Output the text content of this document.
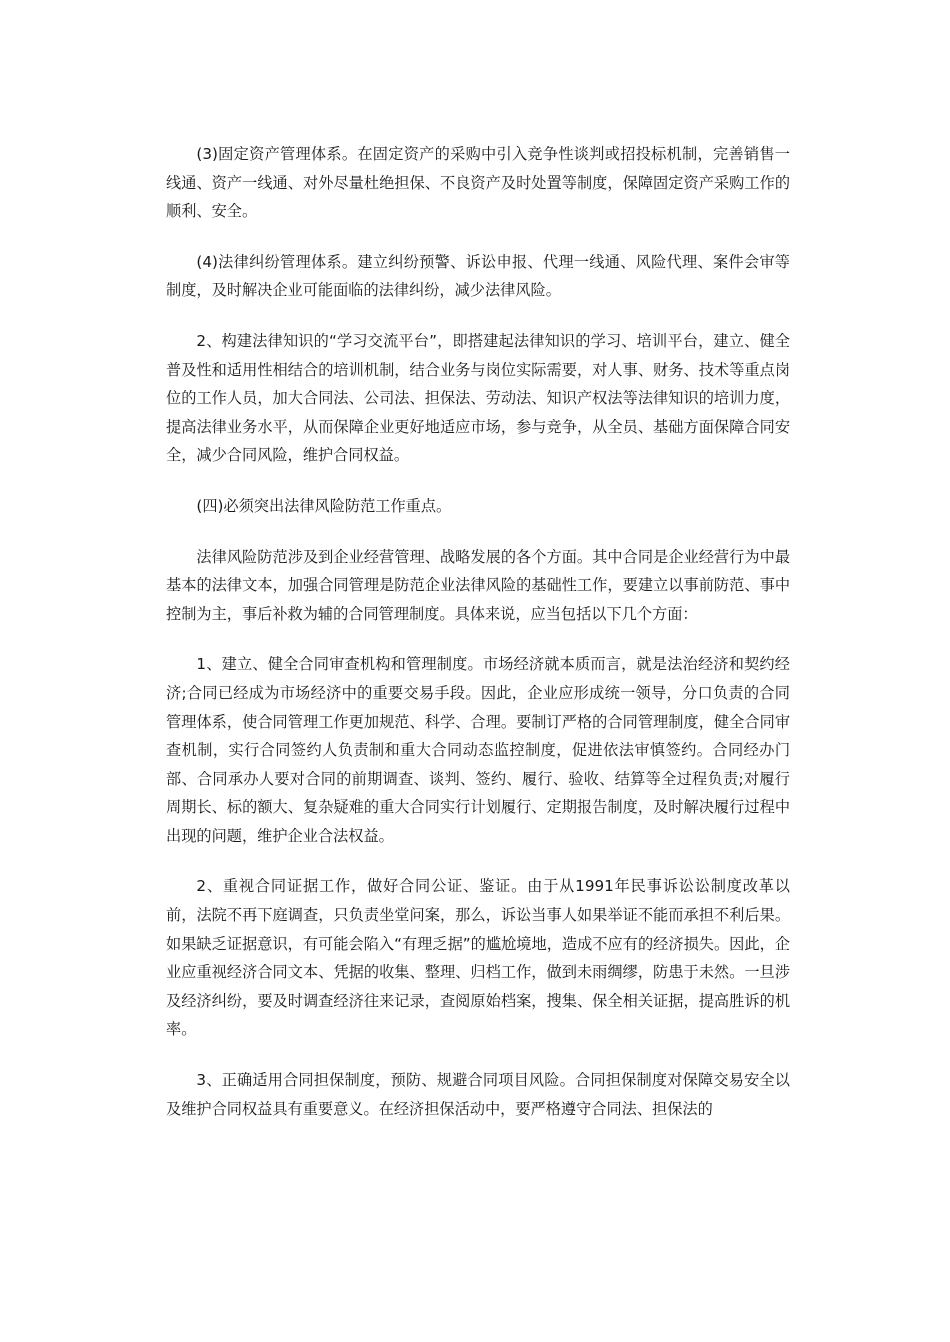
(3)固定资产管理体系。在固定资产的采购中引入竞争性谈判或招投标机制，完善销售一线通、资产一线通、对外尽量杜绝担保、不良资产及时处置等制度，保障固定资产采购工作的顺利、安全。

(4)法律纠纷管理体系。建立纠纷预警、诉讼申报、代理一线通、风险代理、案件会审等制度，及时解决企业可能面临的法律纠纷，减少法律风险。

2、构建法律知识的“学习交流平台”，即搭建起法律知识的学习、培训平台，建立、健全普及性和适用性相结合的培训机制，结合业务与岗位实际需要，对人事、财务、技术等重点岗位的工作人员，加大合同法、公司法、担保法、劳动法、知识产权法等法律知识的培训力度，提高法律业务水平，从而保障企业更好地适应市场，参与竞争，从全员、基础方面保障合同安全，减少合同风险，维护合同权益。

(四)必须突出法律风险防范工作重点。

法律风险防范涉及到企业经营管理、战略发展的各个方面。其中合同是企业经营行为中最基本的法律文本，加强合同管理是防范企业法律风险的基础性工作，要建立以事前防范、事中控制为主，事后补救为辅的合同管理制度。具体来说，应当包括以下几个方面：

1、建立、健全合同审查机构和管理制度。市场经济就本质而言，就是法治经济和契约经济;合同已经成为市场经济中的重要交易手段。因此，企业应形成统一领导，分口负责的合同管理体系，使合同管理工作更加规范、科学、合理。要制订严格的合同管理制度，健全合同审查机制，实行合同签约人负责制和重大合同动态监控制度，促进依法审慎签约。合同经办门部、合同承办人要对合同的前期调查、谈判、签约、履行、验收、结算等全过程负责;对履行周期长、标的额大、复杂疑难的重大合同实行计划履行、定期报告制度，及时解决履行过程中出现的问题，维护企业合法权益。

2、重视合同证据工作，做好合同公证、鉴证。由于从1991年民事诉讼讼制度改革以前，法院不再下庭调查，只负责坐堂问案，那么，诉讼当事人如果举证不能而承担不利后果。如果缺乏证据意识，有可能会陷入“有理乏据”的尴尬境地，造成不应有的经济损失。因此，企业应重视经济合同文本、凭据的收集、整理、归档工作，做到未雨绸缪，防患于未然。一旦涉及经济纠纷，要及时调查经济往来记录，查阅原始档案，搜集、保全相关证据，提高胜诉的机率。

3、正确适用合同担保制度，预防、规避合同项目风险。合同担保制度对保障交易安全以及维护合同权益具有重要意义。在经济担保活动中，要严格遵守合同法、担保法的
